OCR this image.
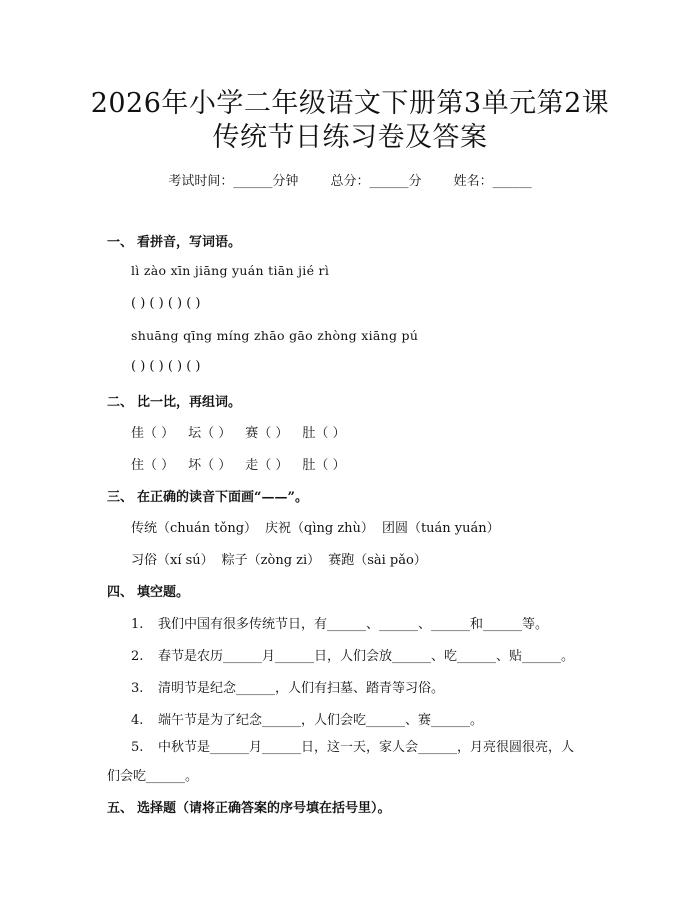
2026年小学二年级语文下册第3单元第2课
传统节日练习卷及答案
考试时间：______分钟 总分：______分 姓名：______
一、 看拼音，写词语。
lì zào xīn jiāng yuán tiān jié rì
( ) ( ) ( ) ( )
shuāng qīng míng zhāo gāo zhòng xiāng pú
( ) ( ) ( ) ( )
二、 比一比，再组词。
佳（ ） 坛（ ） 赛（ ） 肚（ ）
住（ ） 坏（ ） 走（ ） 肚（ ）
三、 在正确的读音下面画“——”。
传统（chuán tǒng） 庆祝（qìng zhù） 团圆（tuán yuán）
习俗（xí sú） 粽子（zòng zi） 赛跑（sài pǎo）
四、 填空题。
1. 我们中国有很多传统节日，有______、______、______和______等。
2. 春节是农历______月______日，人们会放______、吃______、贴______。
3. 清明节是纪念______，人们有扫墓、踏青等习俗。
4. 端午节是为了纪念______，人们会吃______、赛______。
5. 中秋节是______月______日，这一天，家人会______，月亮很圆很亮，人们会吃______。
五、 选择题（请将正确答案的序号填在括号里）。
